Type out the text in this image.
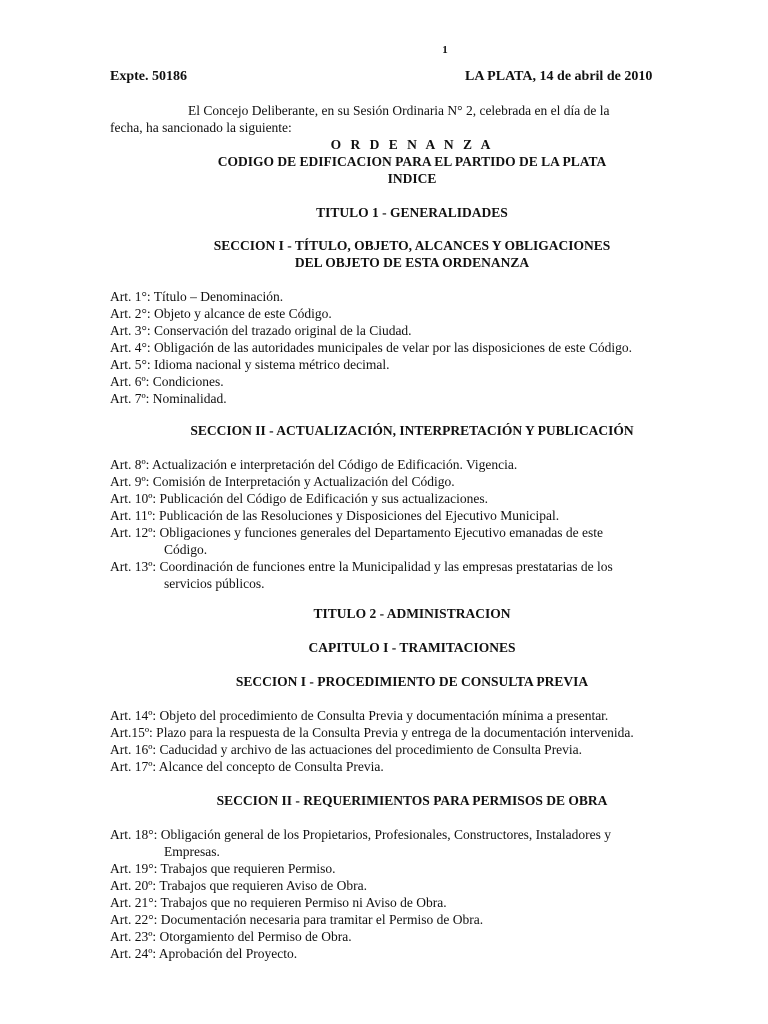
1
Expte. 50186	LA PLATA, 14 de abril de 2010
El Concejo Deliberante, en su Sesión Ordinaria N° 2, celebrada en el día de la
fecha, ha sancionado la siguiente:
O R D E N A N Z A
CODIGO DE EDIFICACION PARA EL PARTIDO DE LA PLATA
INDICE
TITULO 1 - GENERALIDADES
SECCION I - TÍTULO, OBJETO, ALCANCES Y OBLIGACIONES
DEL OBJETO DE ESTA ORDENANZA
Art. 1°: Título – Denominación.
Art. 2°: Objeto y alcance de este Código.
Art. 3°: Conservación del trazado original de la Ciudad.
Art. 4°: Obligación de las autoridades municipales de velar por las disposiciones de este Código.
Art. 5°: Idioma nacional y sistema métrico decimal.
Art. 6º: Condiciones.
Art. 7º: Nominalidad.
SECCION II - ACTUALIZACIÓN, INTERPRETACIÓN Y PUBLICACIÓN
Art. 8º: Actualización e interpretación del Código de Edificación. Vigencia.
Art. 9º: Comisión de Interpretación y Actualización del Código.
Art. 10º: Publicación del Código de Edificación y sus actualizaciones.
Art. 11º: Publicación de las Resoluciones y Disposiciones del Ejecutivo Municipal.
Art. 12º: Obligaciones y funciones generales del Departamento Ejecutivo emanadas de este
Código.
Art. 13º: Coordinación de funciones entre la Municipalidad y las empresas prestatarias de los
servicios públicos.
TITULO 2 - ADMINISTRACION
CAPITULO I - TRAMITACIONES
SECCION I - PROCEDIMIENTO DE CONSULTA PREVIA
Art. 14º: Objeto del procedimiento de Consulta Previa y documentación mínima a presentar.
Art.15º: Plazo para la respuesta de la Consulta Previa y entrega de la documentación intervenida.
Art. 16º: Caducidad y archivo de las actuaciones del procedimiento de Consulta Previa.
Art. 17º: Alcance del concepto de Consulta Previa.
SECCION II - REQUERIMIENTOS PARA PERMISOS DE OBRA
Art. 18°: Obligación general de los Propietarios, Profesionales, Constructores, Instaladores y
Empresas.
Art. 19°: Trabajos que requieren Permiso.
Art. 20º: Trabajos que requieren Aviso de Obra.
Art. 21°: Trabajos que no requieren Permiso ni Aviso de Obra.
Art. 22°: Documentación necesaria para tramitar el Permiso de Obra.
Art. 23º: Otorgamiento del Permiso de Obra.
Art. 24º: Aprobación del Proyecto.
